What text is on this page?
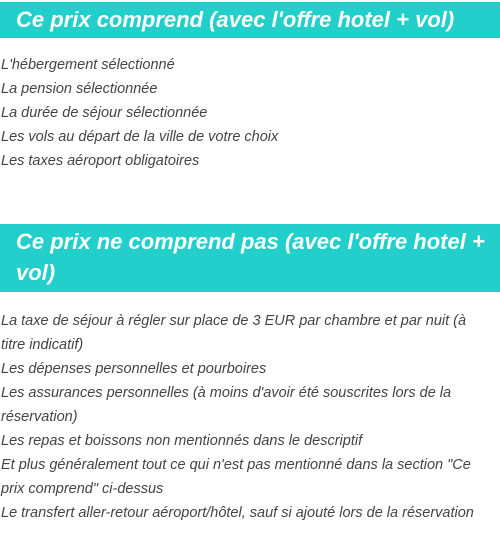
Ce prix comprend (avec l'offre hotel + vol)
L'hébergement sélectionné
La pension sélectionnée
La durée de séjour sélectionnée
Les vols au départ de la ville de votre choix
Les taxes aéroport obligatoires
Ce prix ne comprend pas (avec l'offre hotel + vol)
La taxe de séjour à régler sur place de 3 EUR par chambre et par nuit (à titre indicatif)
Les dépenses personnelles et pourboires
Les assurances personnelles (à moins d'avoir été souscrites lors de la réservation)
Les repas et boissons non mentionnés dans le descriptif
Et plus généralement tout ce qui n'est pas mentionné dans la section "Ce prix comprend" ci-dessus
Le transfert aller-retour aéroport/hôtel, sauf si ajouté lors de la réservation
